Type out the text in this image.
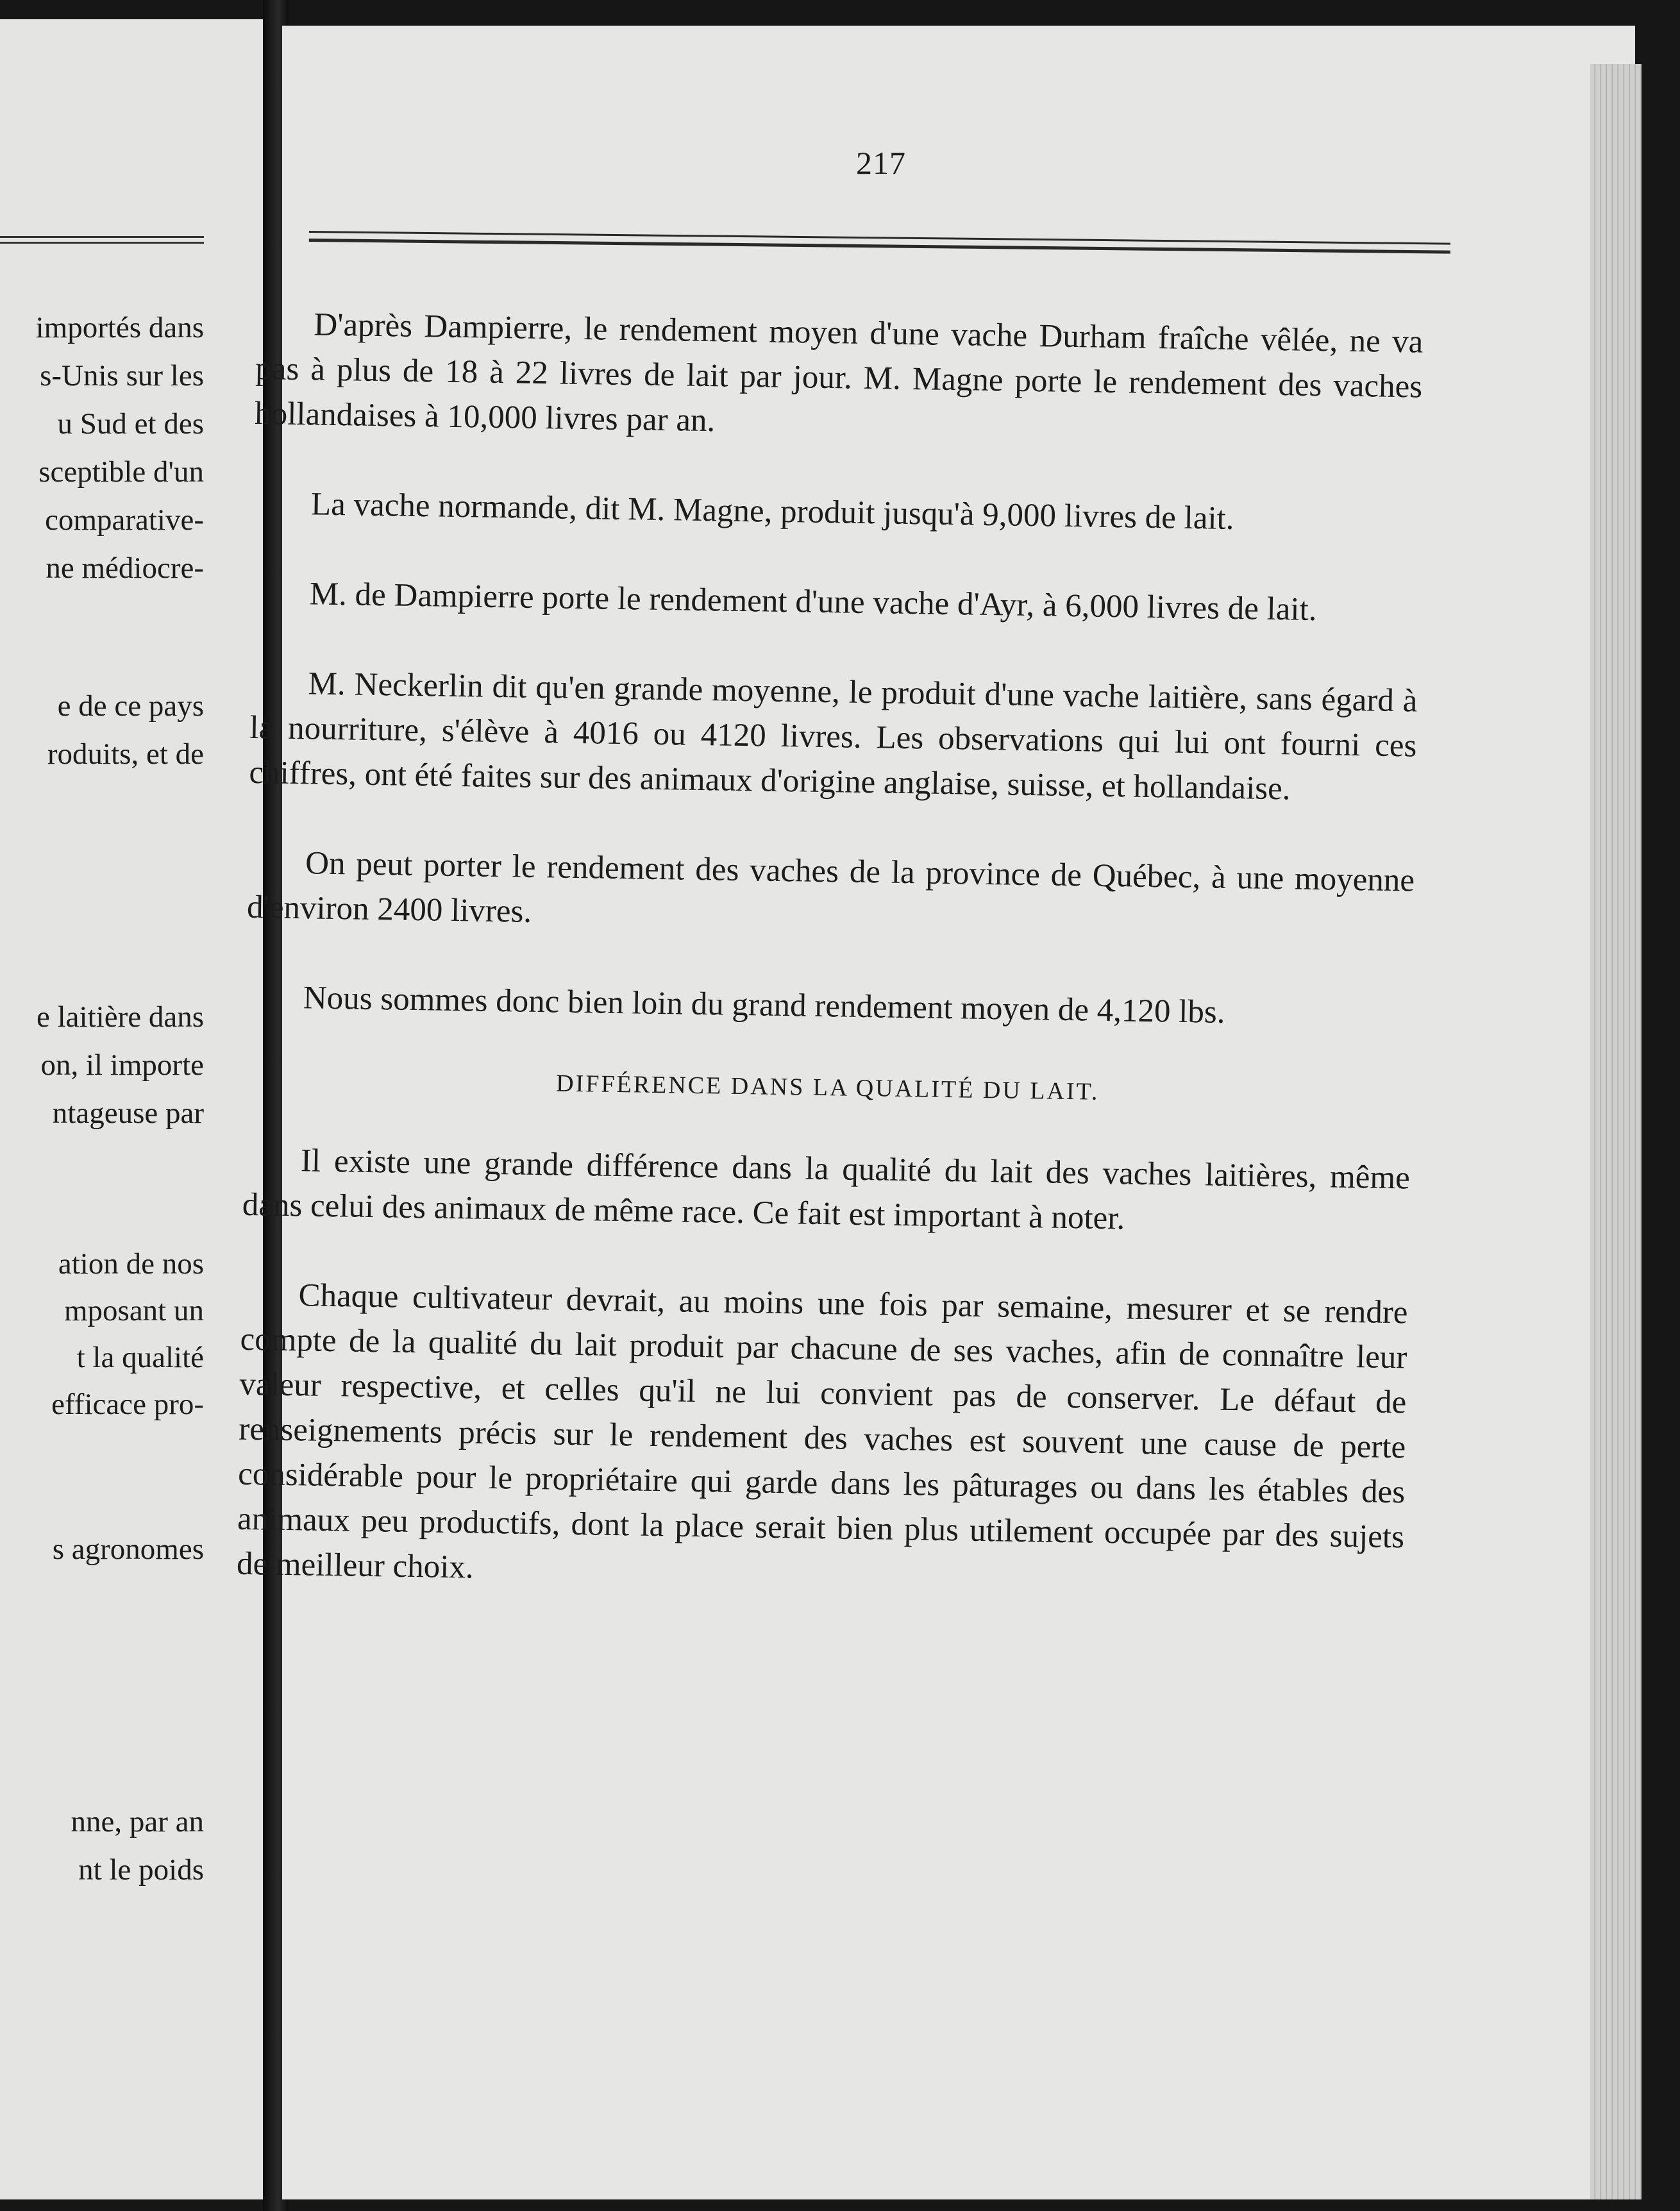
importés dans
s-Unis sur les
u Sud et des
sceptible d'un
comparative-
ne médiocre-
e de ce pays
roduits, et de
e laitière dans
on, il importe
ntageuse par
ation de nos
mposant un
t la qualité
efficace pro-
s agronomes
nne, par an
nt le poids
217

D'après Dampierre, le rendement moyen d'une vache Durham fraîche vêlée, ne va pas à plus de 18 à 22 livres de lait par jour. M. Magne porte le rendement des vaches hollandaises à 10,000 livres par an.

La vache normande, dit M. Magne, produit jusqu'à 9,000 livres de lait.

M. de Dampierre porte le rendement d'une vache d'Ayr, à 6,000 livres de lait.

M. Neckerlin dit qu'en grande moyenne, le produit d'une vache laitière, sans égard à la nourriture, s'élève à 4016 ou 4120 livres. Les observations qui lui ont fourni ces chiffres, ont été faites sur des animaux d'origine anglaise, suisse, et hollandaise.

On peut porter le rendement des vaches de la province de Québec, à une moyenne d'environ 2400 livres.

Nous sommes donc bien loin du grand rendement moyen de 4,120 lbs.

DIFFÉRENCE DANS LA QUALITÉ DU LAIT.

Il existe une grande différence dans la qualité du lait des vaches laitières, même dans celui des animaux de même race. Ce fait est important à noter.

Chaque cultivateur devrait, au moins une fois par semaine, mesurer et se rendre compte de la qualité du lait produit par chacune de ses vaches, afin de connaître leur valeur respective, et celles qu'il ne lui convient pas de conserver. Le défaut de renseignements précis sur le rendement des vaches est souvent une cause de perte considérable pour le propriétaire qui garde dans les pâturages ou dans les étables des animaux peu productifs, dont la place serait bien plus utilement occupée par des sujets de meilleur choix.
